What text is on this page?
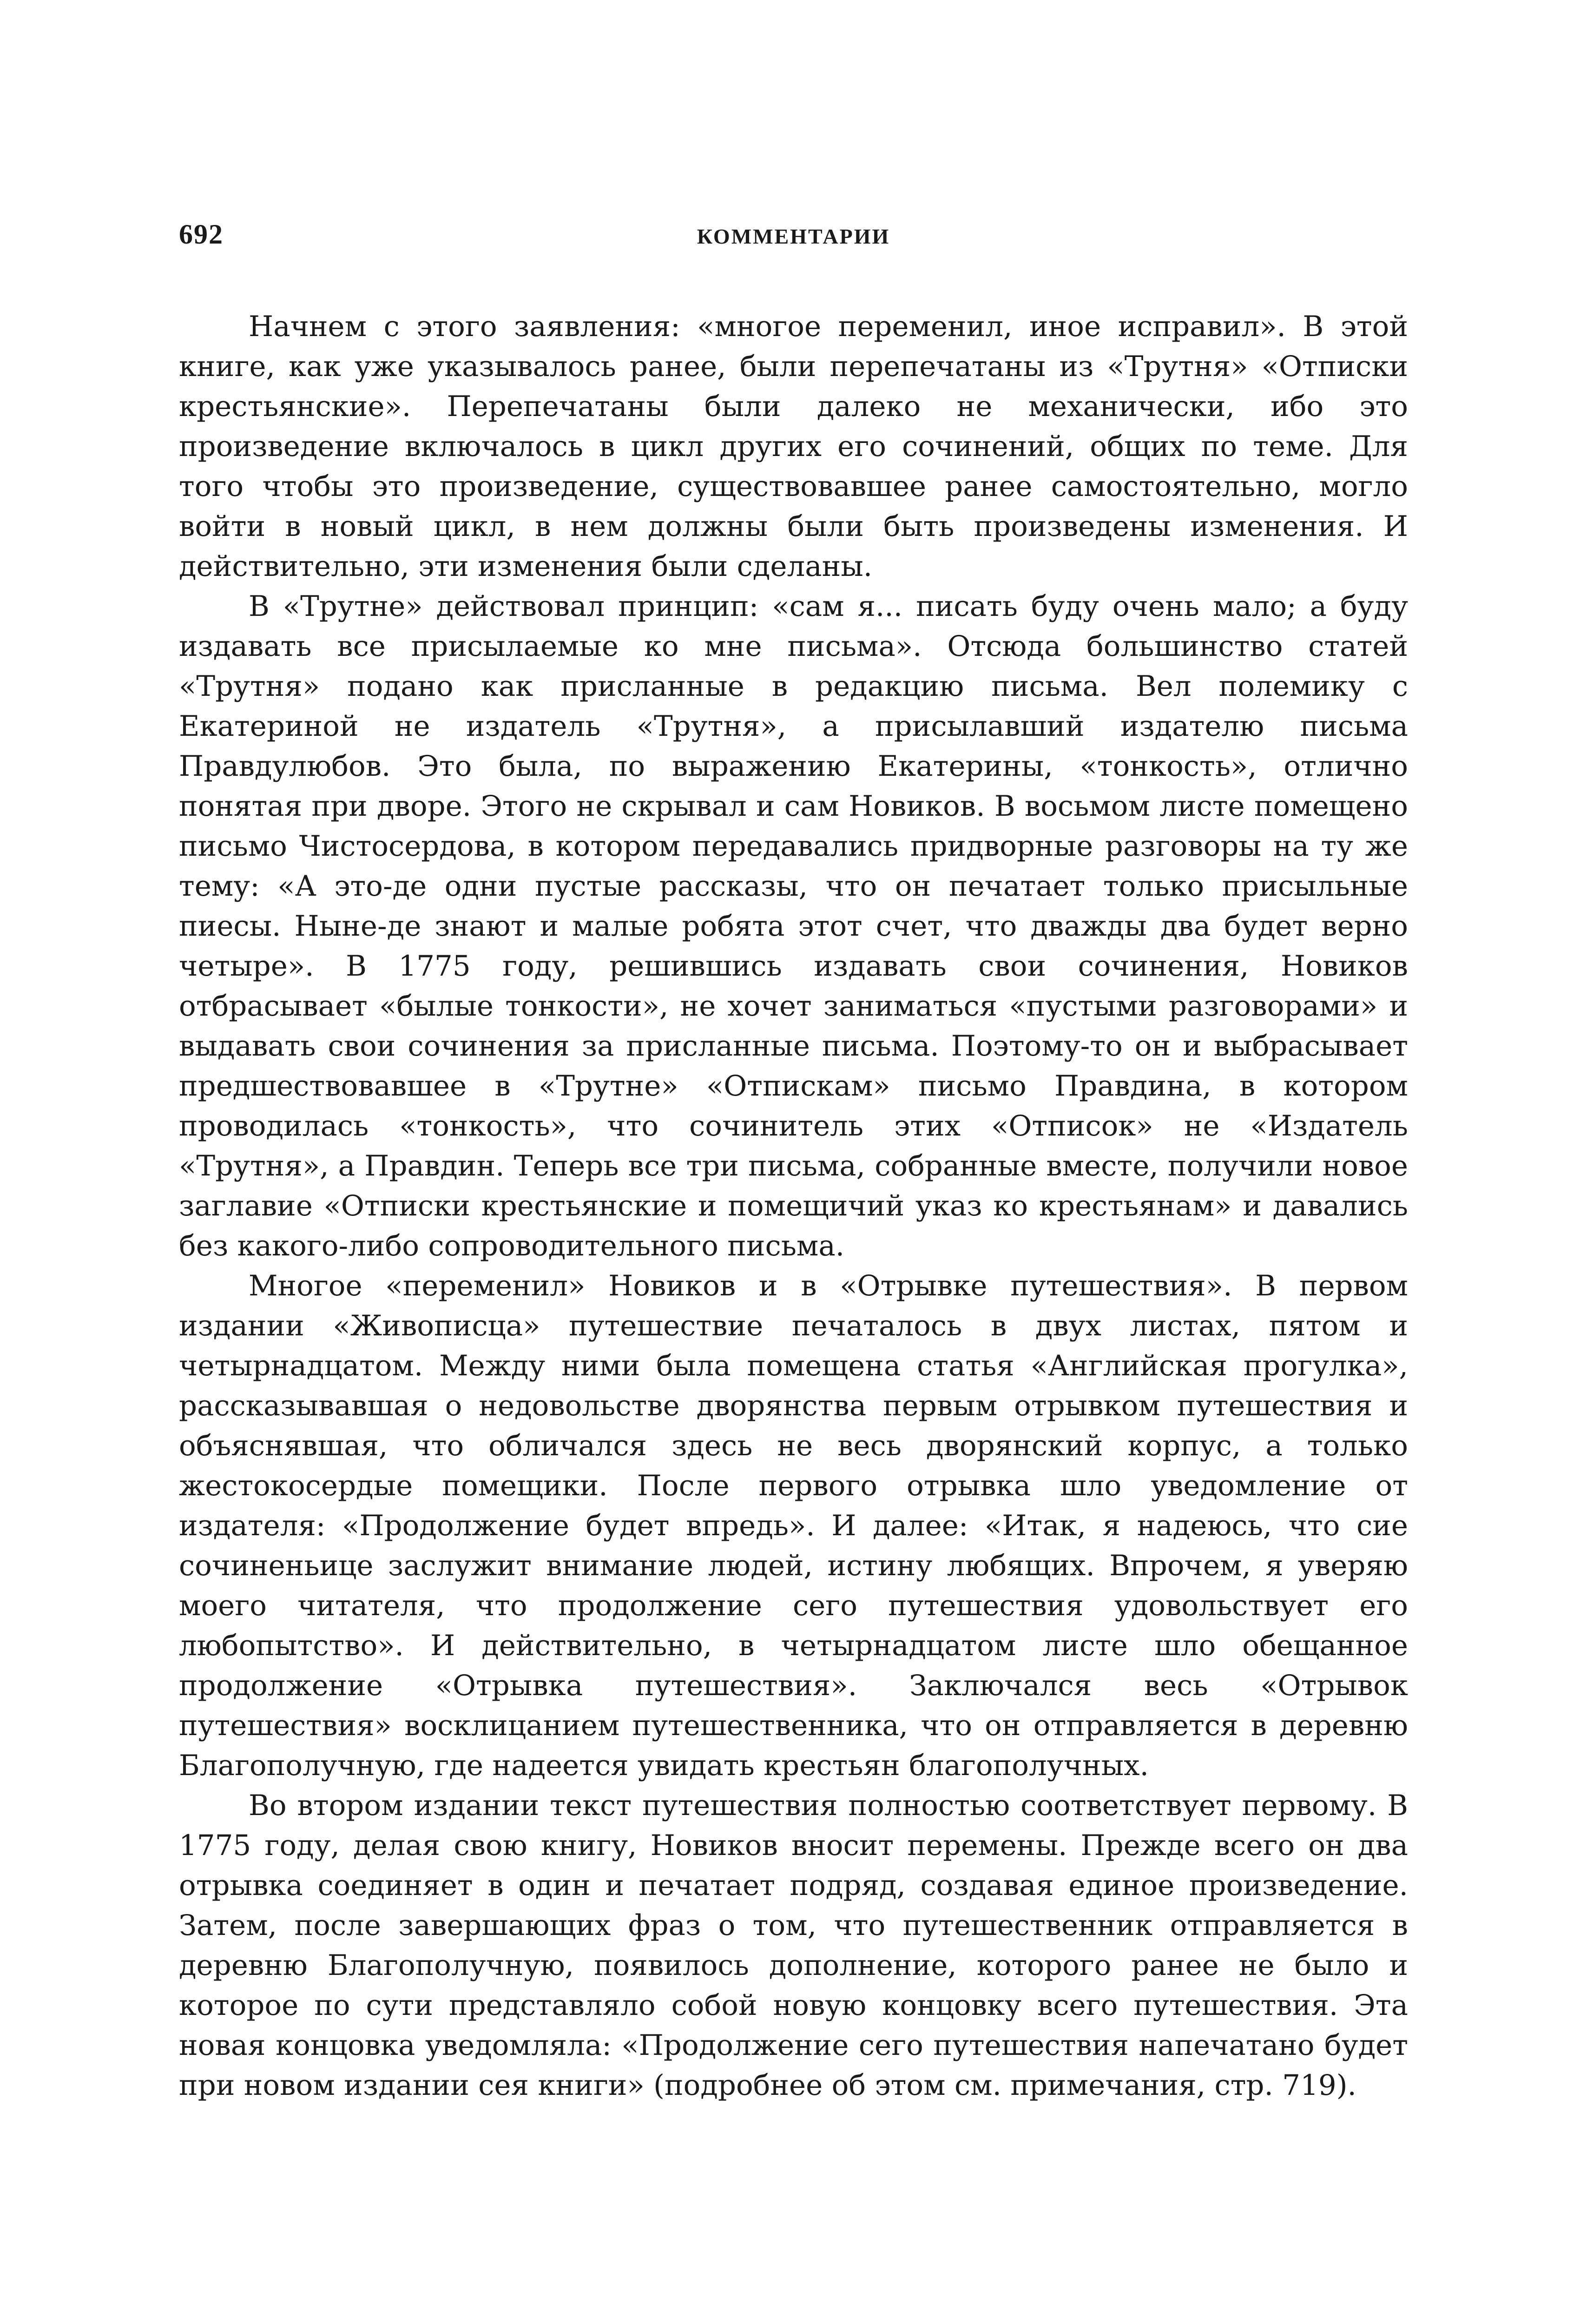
692	КОММЕНТАРИИ

Начнем с этого заявления: «многое переменил, иное исправил». В этой книге, как уже указывалось ранее, были перепечатаны из «Трутня» «Отписки крестьянские». Перепечатаны были далеко не механически, ибо это произведение включалось в цикл других его сочинений, общих по теме. Для того чтобы это произведение, существовавшее ранее самостоятельно, могло войти в новый цикл, в нем должны были быть произведены изменения. И действительно, эти изменения были сделаны.

В «Трутне» действовал принцип: «сам я... писать буду очень мало; а буду издавать все присылаемые ко мне письма». Отсюда большинство статей «Трутня» подано как присланные в редакцию письма. Вел полемику с Екатериной не издатель «Трутня», а присылавший издателю письма Правдулюбов. Это была, по выражению Екатерины, «тонкость», отлично понятая при дворе. Этого не скрывал и сам Новиков. В восьмом листе помещено письмо Чистосердова, в котором передавались придворные разговоры на ту же тему: «А это-де одни пустые рассказы, что он печатает только присыльные пиесы. Ныне-де знают и малые робята этот счет, что дважды два будет верно четыре». В 1775 году, решившись издавать свои сочинения, Новиков отбрасывает «былые тонкости», не хочет заниматься «пустыми разговорами» и выдавать свои сочинения за присланные письма. Поэтому-то он и выбрасывает предшествовавшее в «Трутне» «Отпискам» письмо Правдина, в котором проводилась «тонкость», что сочинитель этих «Отписок» не «Издатель «Трутня», а Правдин. Теперь все три письма, собранные вместе, получили новое заглавие «Отписки крестьянские и помещичий указ ко крестьянам» и давались без какого-либо сопроводительного письма.

Многое «переменил» Новиков и в «Отрывке путешествия». В первом издании «Живописца» путешествие печаталось в двух листах, пятом и четырнадцатом. Между ними была помещена статья «Английская прогулка», рассказывавшая о недовольстве дворянства первым отрывком путешествия и объяснявшая, что обличался здесь не весь дворянский корпус, а только жестокосердые помещики. После первого отрывка шло уведомление от издателя: «Продолжение будет впредь». И далее: «Итак, я надеюсь, что сие сочиненьице заслужит внимание людей, истину любящих. Впрочем, я уверяю моего читателя, что продолжение сего путешествия удовольствует его любопытство». И действительно, в четырнадцатом листе шло обещанное продолжение «Отрывка путешествия». Заключался весь «Отрывок путешествия» восклицанием путешественника, что он отправляется в деревню Благополучную, где надеется увидать крестьян благополучных.

Во втором издании текст путешествия полностью соответствует первому. В 1775 году, делая свою книгу, Новиков вносит перемены. Прежде всего он два отрывка соединяет в один и печатает подряд, создавая единое произведение. Затем, после завершающих фраз о том, что путешественник отправляется в деревню Благополучную, появилось дополнение, которого ранее не было и которое по сути представляло собой новую концовку всего путешествия. Эта новая концовка уведомляла: «Продолжение сего путешествия напечатано будет при новом издании сея книги» (подробнее об этом см. примечания, стр. 719).
